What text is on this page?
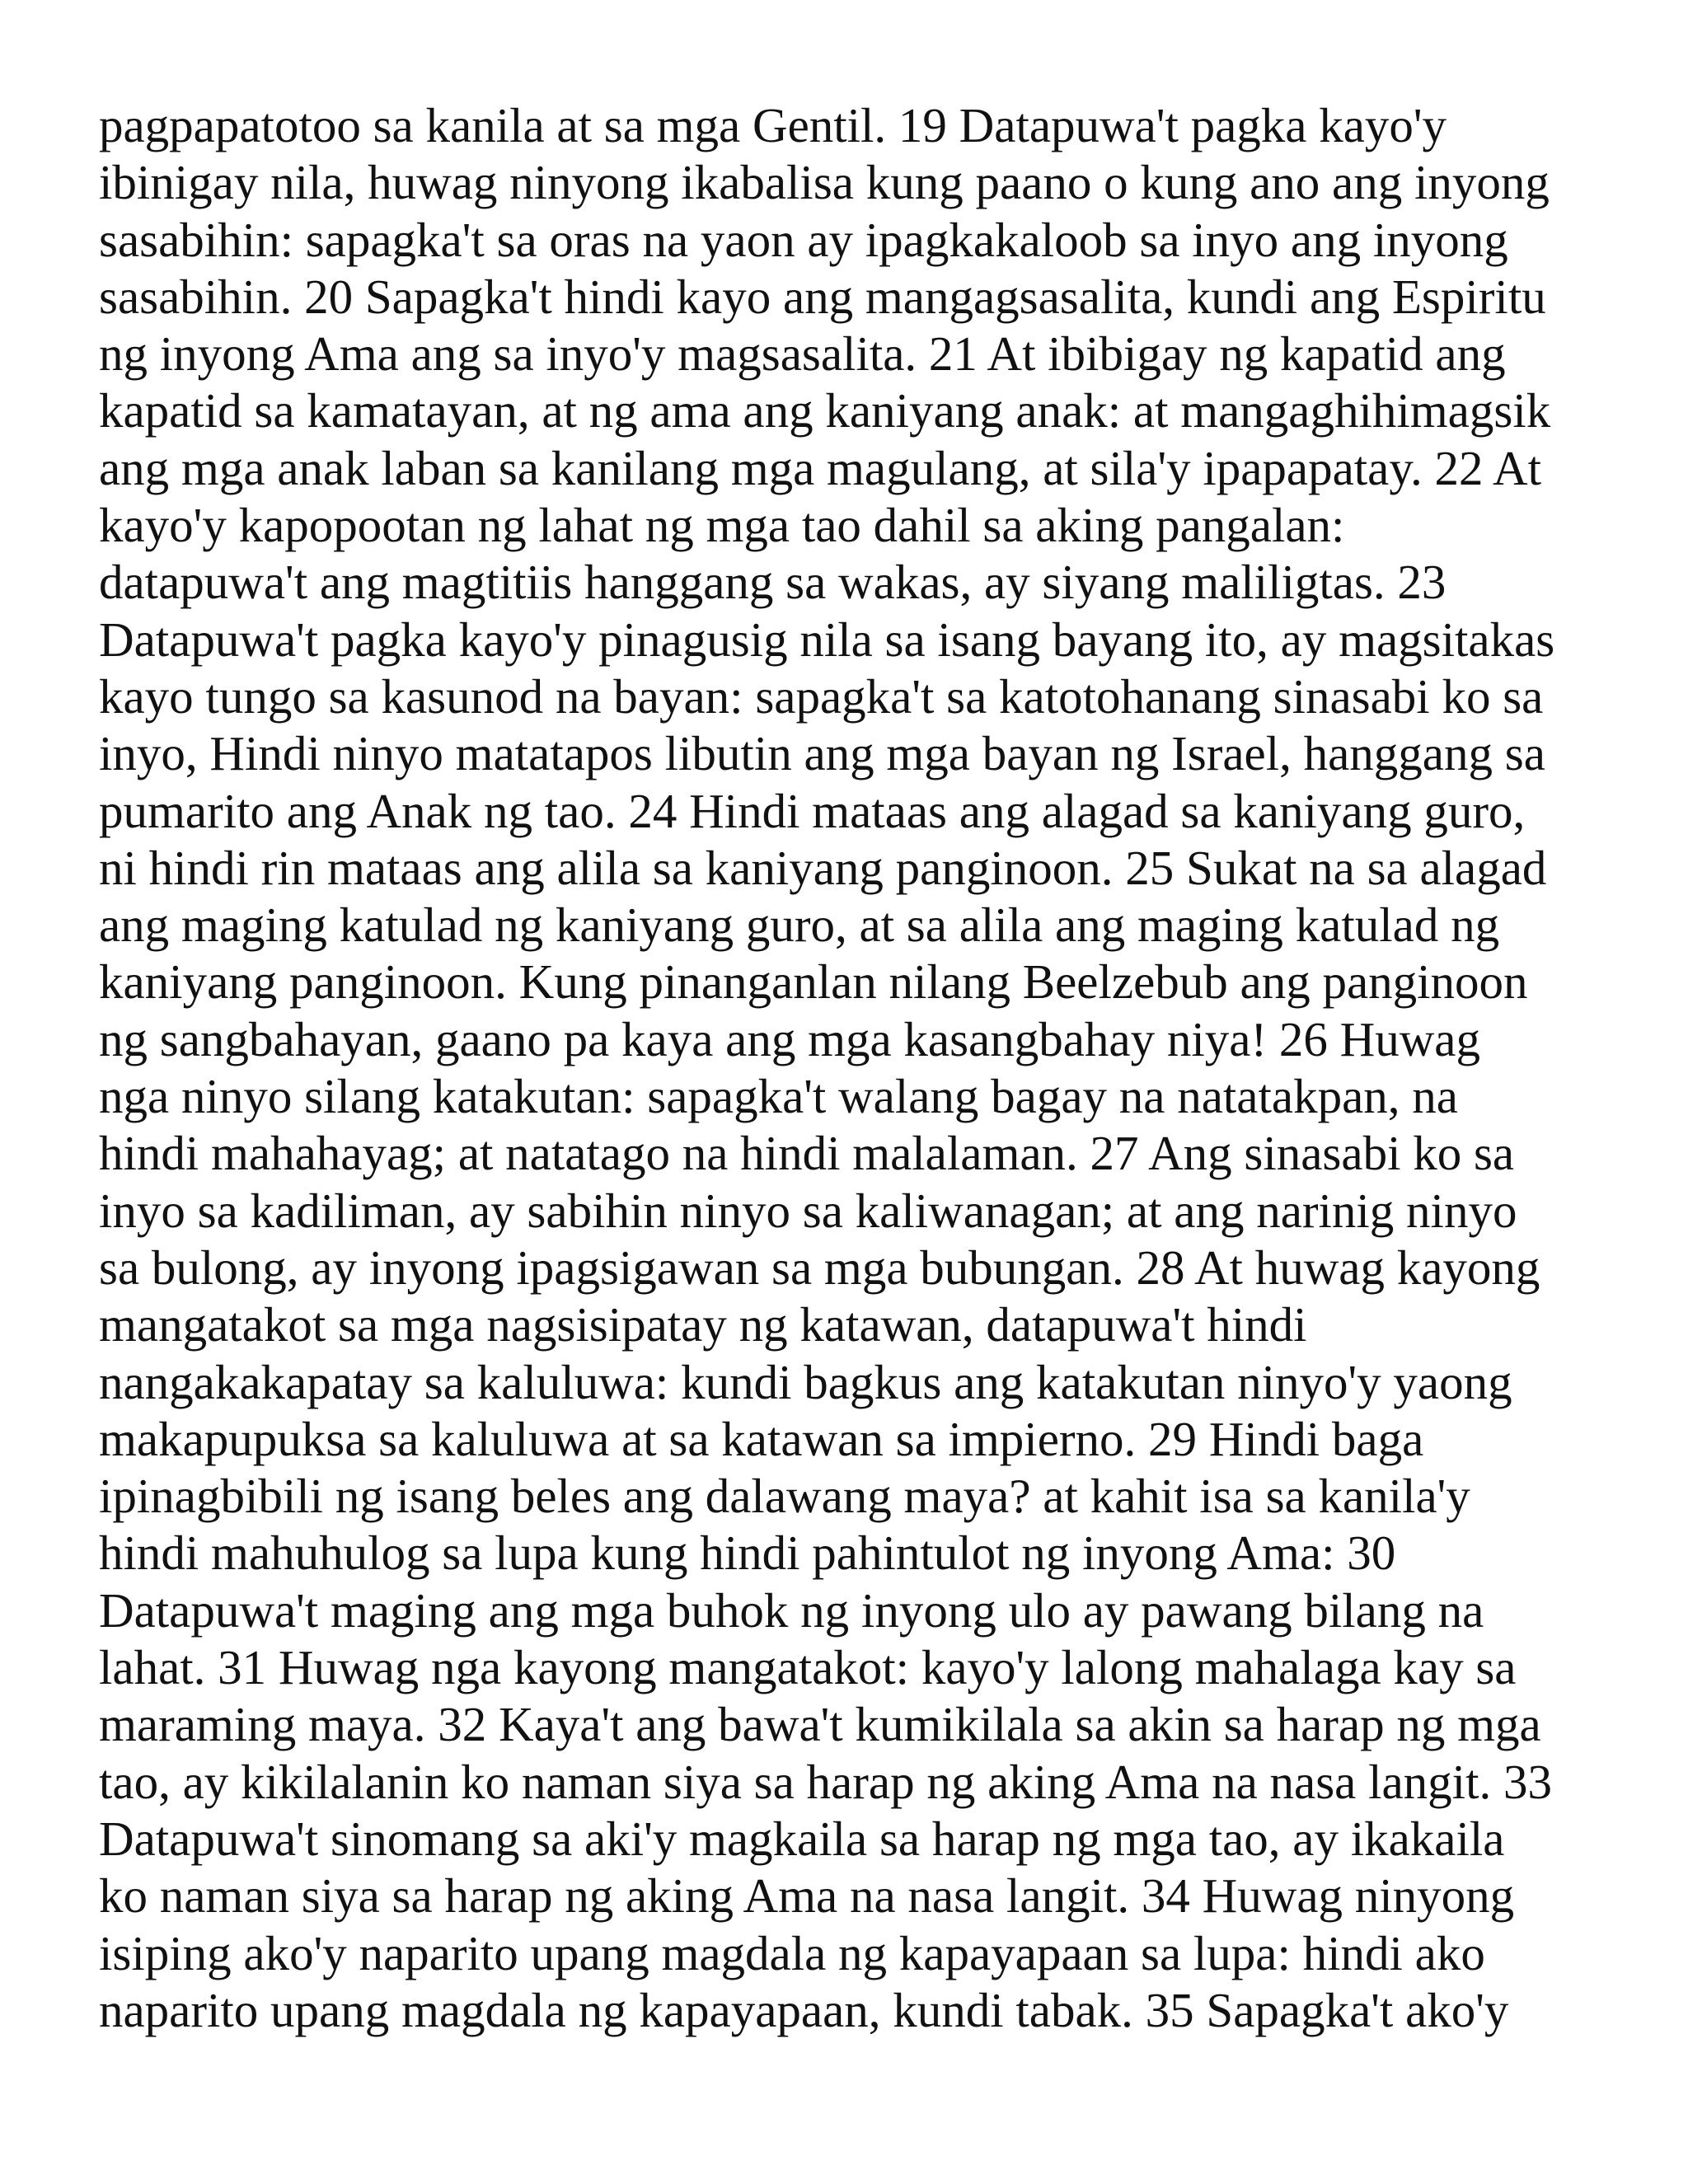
pagpapatotoo sa kanila at sa mga Gentil. 19 Datapuwa't pagka kayo'y

ibinigay nila, huwag ninyong ikabalisa kung paano o kung ano ang inyong

sasabihin: sapagka't sa oras na yaon ay ipagkakaloob sa inyo ang inyong

sasabihin. 20 Sapagka't hindi kayo ang mangagsasalita, kundi ang Espiritu

ng inyong Ama ang sa inyo'y magsasalita. 21 At ibibigay ng kapatid ang

kapatid sa kamatayan, at ng ama ang kaniyang anak: at mangaghihimagsik

ang mga anak laban sa kanilang mga magulang, at sila'y ipapapatay. 22 At

kayo'y kapopootan ng lahat ng mga tao dahil sa aking pangalan:

datapuwa't ang magtitiis hanggang sa wakas, ay siyang maliligtas. 23

Datapuwa't pagka kayo'y pinagusig nila sa isang bayang ito, ay magsitakas

kayo tungo sa kasunod na bayan: sapagka't sa katotohanang sinasabi ko sa

inyo, Hindi ninyo matatapos libutin ang mga bayan ng Israel, hanggang sa

pumarito ang Anak ng tao. 24 Hindi mataas ang alagad sa kaniyang guro,

ni hindi rin mataas ang alila sa kaniyang panginoon. 25 Sukat na sa alagad

ang maging katulad ng kaniyang guro, at sa alila ang maging katulad ng

kaniyang panginoon. Kung pinanganlan nilang Beelzebub ang panginoon

ng sangbahayan, gaano pa kaya ang mga kasangbahay niya! 26 Huwag

nga ninyo silang katakutan: sapagka't walang bagay na natatakpan, na

hindi mahahayag; at natatago na hindi malalaman. 27 Ang sinasabi ko sa

inyo sa kadiliman, ay sabihin ninyo sa kaliwanagan; at ang narinig ninyo

sa bulong, ay inyong ipagsigawan sa mga bubungan. 28 At huwag kayong

mangatakot sa mga nagsisipatay ng katawan, datapuwa't hindi

nangakakapatay sa kaluluwa: kundi bagkus ang katakutan ninyo'y yaong

makapupuksa sa kaluluwa at sa katawan sa impierno. 29 Hindi baga

ipinagbibili ng isang beles ang dalawang maya? at kahit isa sa kanila'y

hindi mahuhulog sa lupa kung hindi pahintulot ng inyong Ama: 30

Datapuwa't maging ang mga buhok ng inyong ulo ay pawang bilang na

lahat. 31 Huwag nga kayong mangatakot: kayo'y lalong mahalaga kay sa

maraming maya. 32 Kaya't ang bawa't kumikilala sa akin sa harap ng mga

tao, ay kikilalanin ko naman siya sa harap ng aking Ama na nasa langit. 33

Datapuwa't sinomang sa aki'y magkaila sa harap ng mga tao, ay ikakaila

ko naman siya sa harap ng aking Ama na nasa langit. 34 Huwag ninyong

isiping ako'y naparito upang magdala ng kapayapaan sa lupa: hindi ako

naparito upang magdala ng kapayapaan, kundi tabak. 35 Sapagka't ako'y
